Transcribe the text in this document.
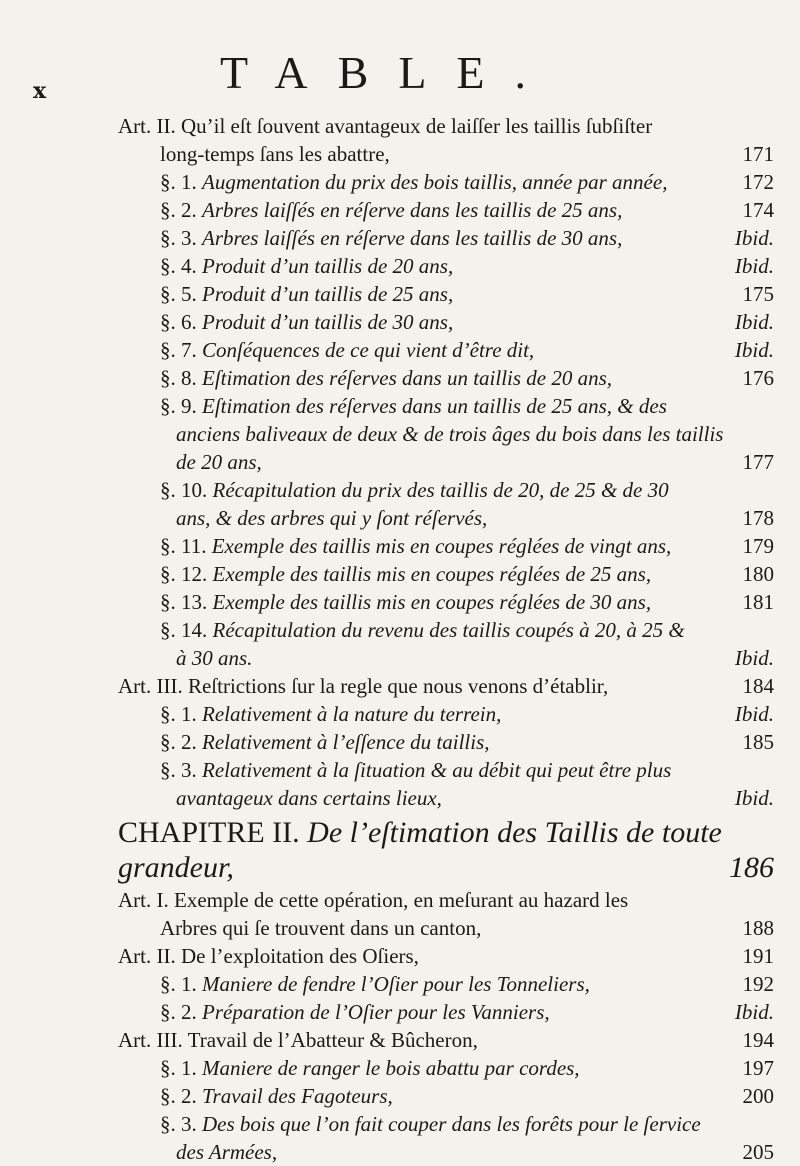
x	TABLE.
Art. II. Qu’il eſt ſouvent avantageux de laiſſer les taillis ſubſiſter
long-temps ſans les abattre,	171
§. 1. Augmentation du prix des bois taillis, année par année,	172
§. 2. Arbres laiſſés en réſerve dans les taillis de 25 ans,	174
§. 3. Arbres laiſſés en réſerve dans les taillis de 30 ans,	Ibid.
§. 4. Produit d’un taillis de 20 ans,	Ibid.
§. 5. Produit d’un taillis de 25 ans,	175
§. 6. Produit d’un taillis de 30 ans,	Ibid.
§. 7. Conſéquences de ce qui vient d’être dit,	Ibid.
§. 8. Eſtimation des réſerves dans un taillis de 20 ans,	176
§. 9. Eſtimation des réſerves dans un taillis de 25 ans, & des
anciens baliveaux de deux & de trois âges du bois dans les taillis
de 20 ans,	177
§. 10. Récapitulation du prix des taillis de 20, de 25 & de 30
ans, & des arbres qui y ſont réſervés,	178
§. 11. Exemple des taillis mis en coupes réglées de vingt ans,	179
§. 12. Exemple des taillis mis en coupes réglées de 25 ans,	180
§. 13. Exemple des taillis mis en coupes réglées de 30 ans,	181
§. 14. Récapitulation du revenu des taillis coupés à 20, à 25 &
à 30 ans.	Ibid.
Art. III. Reſtrictions ſur la regle que nous venons d’établir,	184
§. 1. Relativement à la nature du terrein,	Ibid.
§. 2. Relativement à l’eſſence du taillis,	185
§. 3. Relativement à la ſituation & au débit qui peut être plus
avantageux dans certains lieux,	Ibid.
CHAPITRE II. De l’eſtimation des Taillis de toute
grandeur,	186
Art. I. Exemple de cette opération, en meſurant au hazard les
Arbres qui ſe trouvent dans un canton,	188
Art. II. De l’exploitation des Oſiers,	191
§. 1. Maniere de fendre l’Oſier pour les Tonneliers,	192
§. 2. Préparation de l’Oſier pour les Vanniers,	Ibid.
Art. III. Travail de l’Abatteur & Bûcheron,	194
§. 1. Maniere de ranger le bois abattu par cordes,	197
§. 2. Travail des Fagoteurs,	200
§. 3. Des bois que l’on fait couper dans les forêts pour le ſervice
des Armées,	205
